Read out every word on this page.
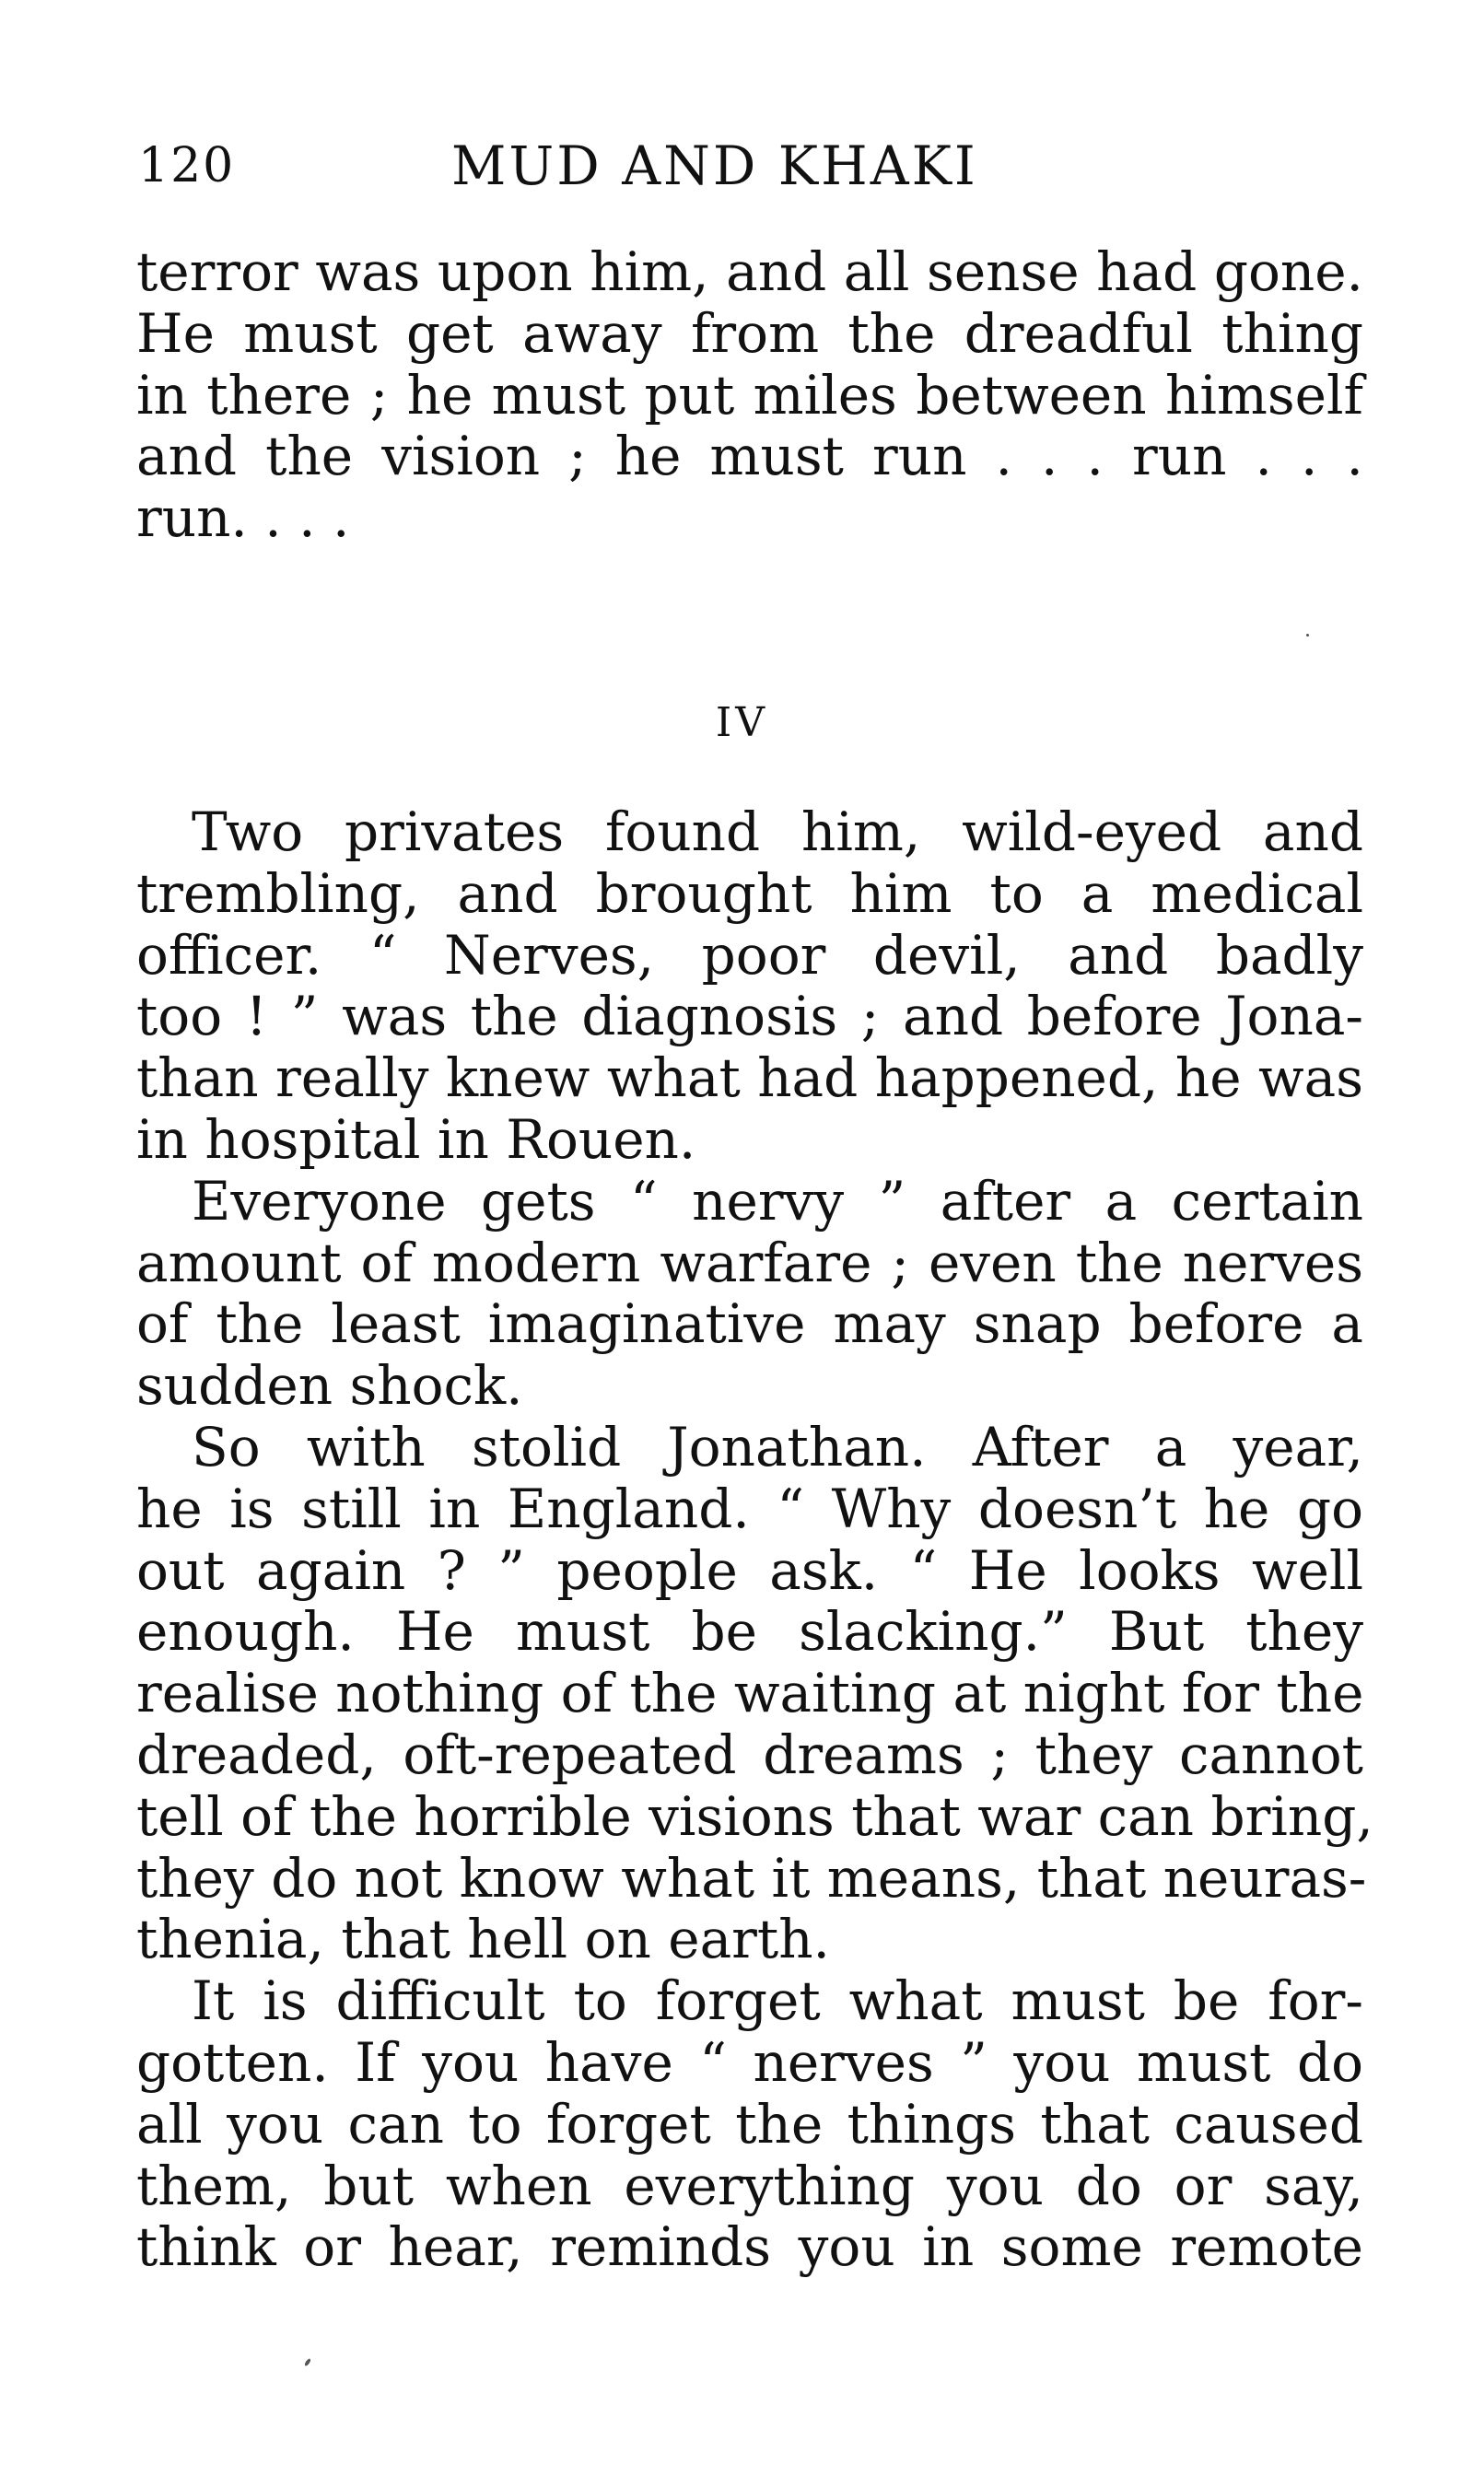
120	MUD AND KHAKI

terror was upon him, and all sense had gone.
He must get away from the dreadful thing
in there ; he must put miles between himself
and the vision ; he must run . . . run . . .
run. . . .

IV

Two privates found him, wild-eyed and
trembling, and brought him to a medical
officer. “ Nerves, poor devil, and badly
too ! ” was the diagnosis ; and before Jona-
than really knew what had happened, he was
in hospital in Rouen.

Everyone gets “ nervy ” after a certain
amount of modern warfare ; even the nerves
of the least imaginative may snap before a
sudden shock.

So with stolid Jonathan. After a year,
he is still in England. “ Why doesn’t he go
out again ? ” people ask. “ He looks well
enough. He must be slacking.” But they
realise nothing of the waiting at night for the
dreaded, oft-repeated dreams ; they cannot
tell of the horrible visions that war can bring,
they do not know what it means, that neuras-
thenia, that hell on earth.

It is difficult to forget what must be for-
gotten. If you have “ nerves ” you must do
all you can to forget the things that caused
them, but when everything you do or say,
think or hear, reminds you in some remote
